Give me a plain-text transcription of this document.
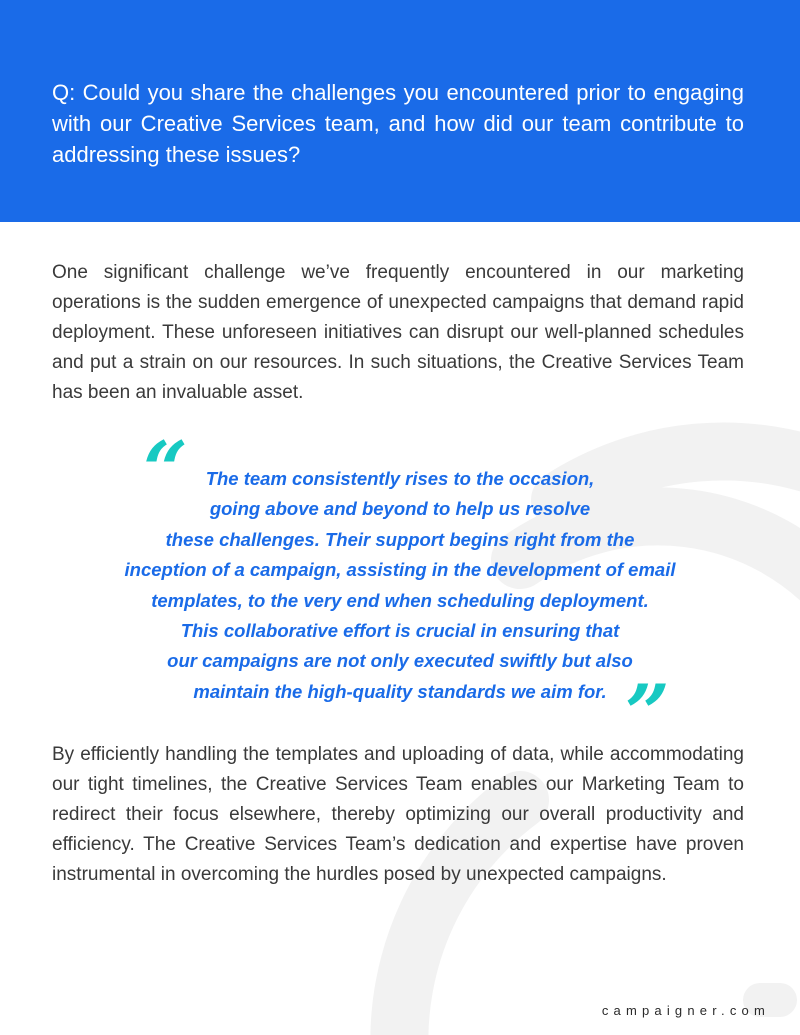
Q: Could you share the challenges you encountered prior to engaging with our Creative Services team, and how did our team contribute to addressing these issues?

One significant challenge we’ve frequently encountered in our marketing operations is the sudden emergence of unexpected campaigns that demand rapid deployment. These unforeseen initiatives can disrupt our well-planned schedules and put a strain on our resources. In such situations, the Creative Services Team has been an invaluable asset.

“ The team consistently rises to the occasion,
going above and beyond to help us resolve
these challenges. Their support begins right from the
inception of a campaign, assisting in the development of email
templates, to the very end when scheduling deployment.
This collaborative effort is crucial in ensuring that
our campaigns are not only executed swiftly but also
maintain the high-quality standards we aim for. ”

By efficiently handling the templates and uploading of data, while accommodating our tight timelines, the Creative Services Team enables our Marketing Team to redirect their focus elsewhere, thereby optimizing our overall productivity and efficiency. The Creative Services Team’s dedication and expertise have proven instrumental in overcoming the hurdles posed by unexpected campaigns.

campaigner.com
